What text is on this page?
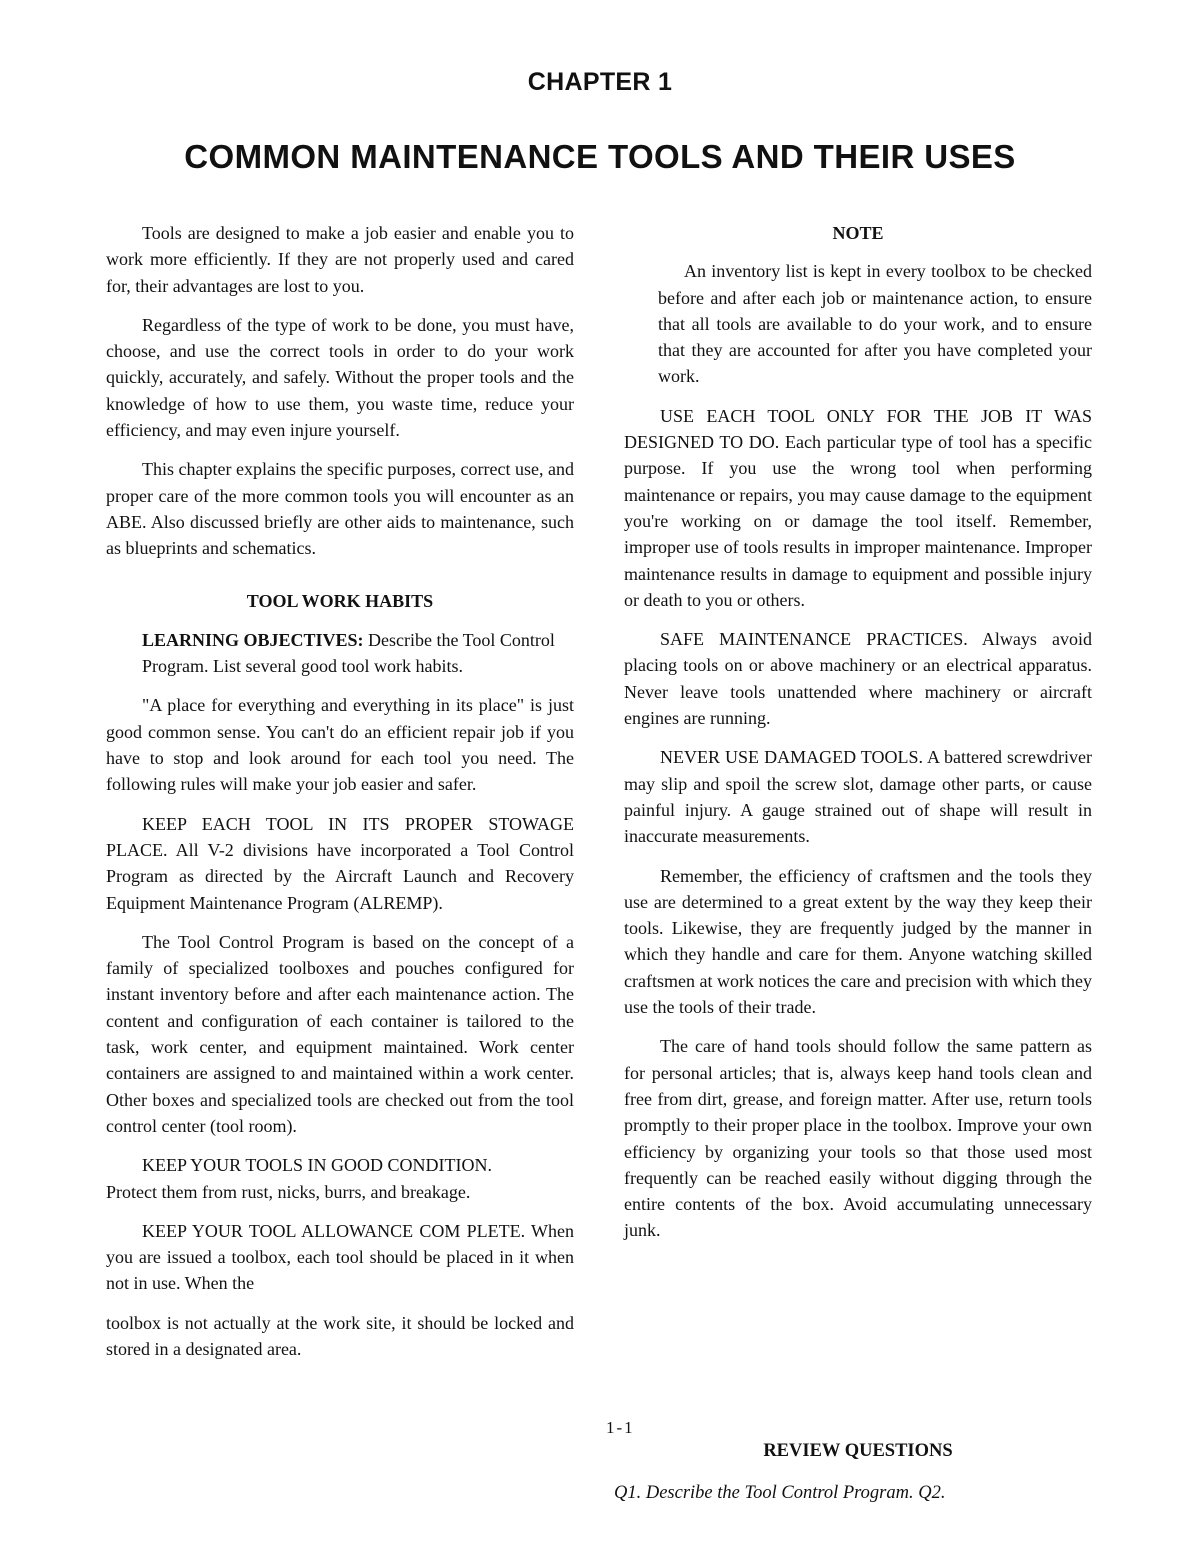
CHAPTER 1
COMMON MAINTENANCE TOOLS AND THEIR USES

Tools are designed to make a job easier and enable you to work more efficiently. If they are not properly used and cared for, their advantages are lost to you.

Regardless of the type of work to be done, you must have, choose, and use the correct tools in order to do your work quickly, accurately, and safely. Without the proper tools and the knowledge of how to use them, you waste time, reduce your efficiency, and may even injure yourself.

This chapter explains the specific purposes, correct use, and proper care of the more common tools you will encounter as an ABE. Also discussed briefly are other aids to maintenance, such as blueprints and schematics.

TOOL WORK HABITS
LEARNING OBJECTIVES: Describe the Tool Control Program. List several good tool work habits.

"A place for everything and everything in its place" is just good common sense. You can't do an efficient repair job if you have to stop and look around for each tool you need. The following rules will make your job easier and safer.

KEEP EACH TOOL IN ITS PROPER STOWAGE PLACE. All V-2 divisions have incorporated a Tool Control Program as directed by the Aircraft Launch and Recovery Equipment Maintenance Program (ALREMP).

The Tool Control Program is based on the concept of a family of specialized toolboxes and pouches configured for instant inventory before and after each maintenance action. The content and configuration of each container is tailored to the task, work center, and equipment maintained. Work center containers are assigned to and maintained within a work center. Other boxes and specialized tools are checked out from the tool control center (tool room).

KEEP YOUR TOOLS IN GOOD CONDITION.
Protect them from rust, nicks, burrs, and breakage.

KEEP YOUR TOOL ALLOWANCE COM PLETE. When you are issued a toolbox, each tool should be placed in it when not in use. When the

toolbox is not actually at the work site, it should be locked and stored in a designated area.

NOTE
An inventory list is kept in every toolbox to be checked before and after each job or maintenance action, to ensure that all tools are available to do your work, and to ensure that they are accounted for after you have completed your work.

USE EACH TOOL ONLY FOR THE JOB IT WAS DESIGNED TO DO. Each particular type of tool has a specific purpose. If you use the wrong tool when performing maintenance or repairs, you may cause damage to the equipment you're working on or damage the tool itself. Remember, improper use of tools results in improper maintenance. Improper maintenance results in damage to equipment and possible injury or death to you or others.

SAFE MAINTENANCE PRACTICES. Always avoid placing tools on or above machinery or an electrical apparatus. Never leave tools unattended where machinery or aircraft engines are running.

NEVER USE DAMAGED TOOLS. A battered screwdriver may slip and spoil the screw slot, damage other parts, or cause painful injury. A gauge strained out of shape will result in inaccurate measurements.

Remember, the efficiency of craftsmen and the tools they use are determined to a great extent by the way they keep their tools. Likewise, they are frequently judged by the manner in which they handle and care for them. Anyone watching skilled craftsmen at work notices the care and precision with which they use the tools of their trade.

The care of hand tools should follow the same pattern as for personal articles; that is, always keep hand tools clean and free from dirt, grease, and foreign matter. After use, return tools promptly to their proper place in the toolbox. Improve your own efficiency by organizing your tools so that those used most frequently can be reached easily without digging through the entire contents of the box. Avoid accumulating unnecessary junk.

1-1
REVIEW QUESTIONS
Q1. Describe the Tool Control Program. Q2.
